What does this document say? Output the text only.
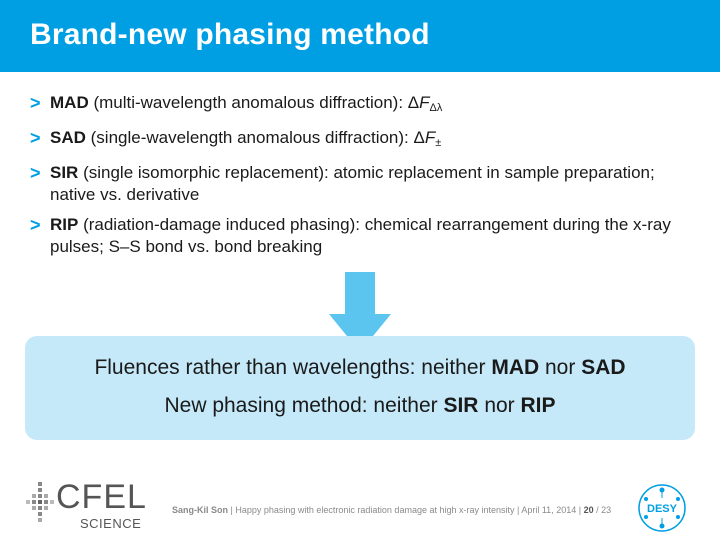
Brand-new phasing method
> MAD (multi-wavelength anomalous diffraction): $\Delta F_{\Delta\lambda}$
> SAD (single-wavelength anomalous diffraction): $\Delta F_\pm$
> SIR (single isomorphic replacement): atomic replacement in sample preparation; native vs. derivative
> RIP (radiation-damage induced phasing): chemical rearrangement during the x-ray pulses; S–S bond vs. bond breaking
Fluences rather than wavelengths: neither MAD nor SAD
New phasing method: neither SIR nor RIP
CFEL
SCIENCE
Sang-Kil Son | Happy phasing with electronic radiation damage at high x-ray intensity | April 11, 2014 | 20 / 23	DESY
